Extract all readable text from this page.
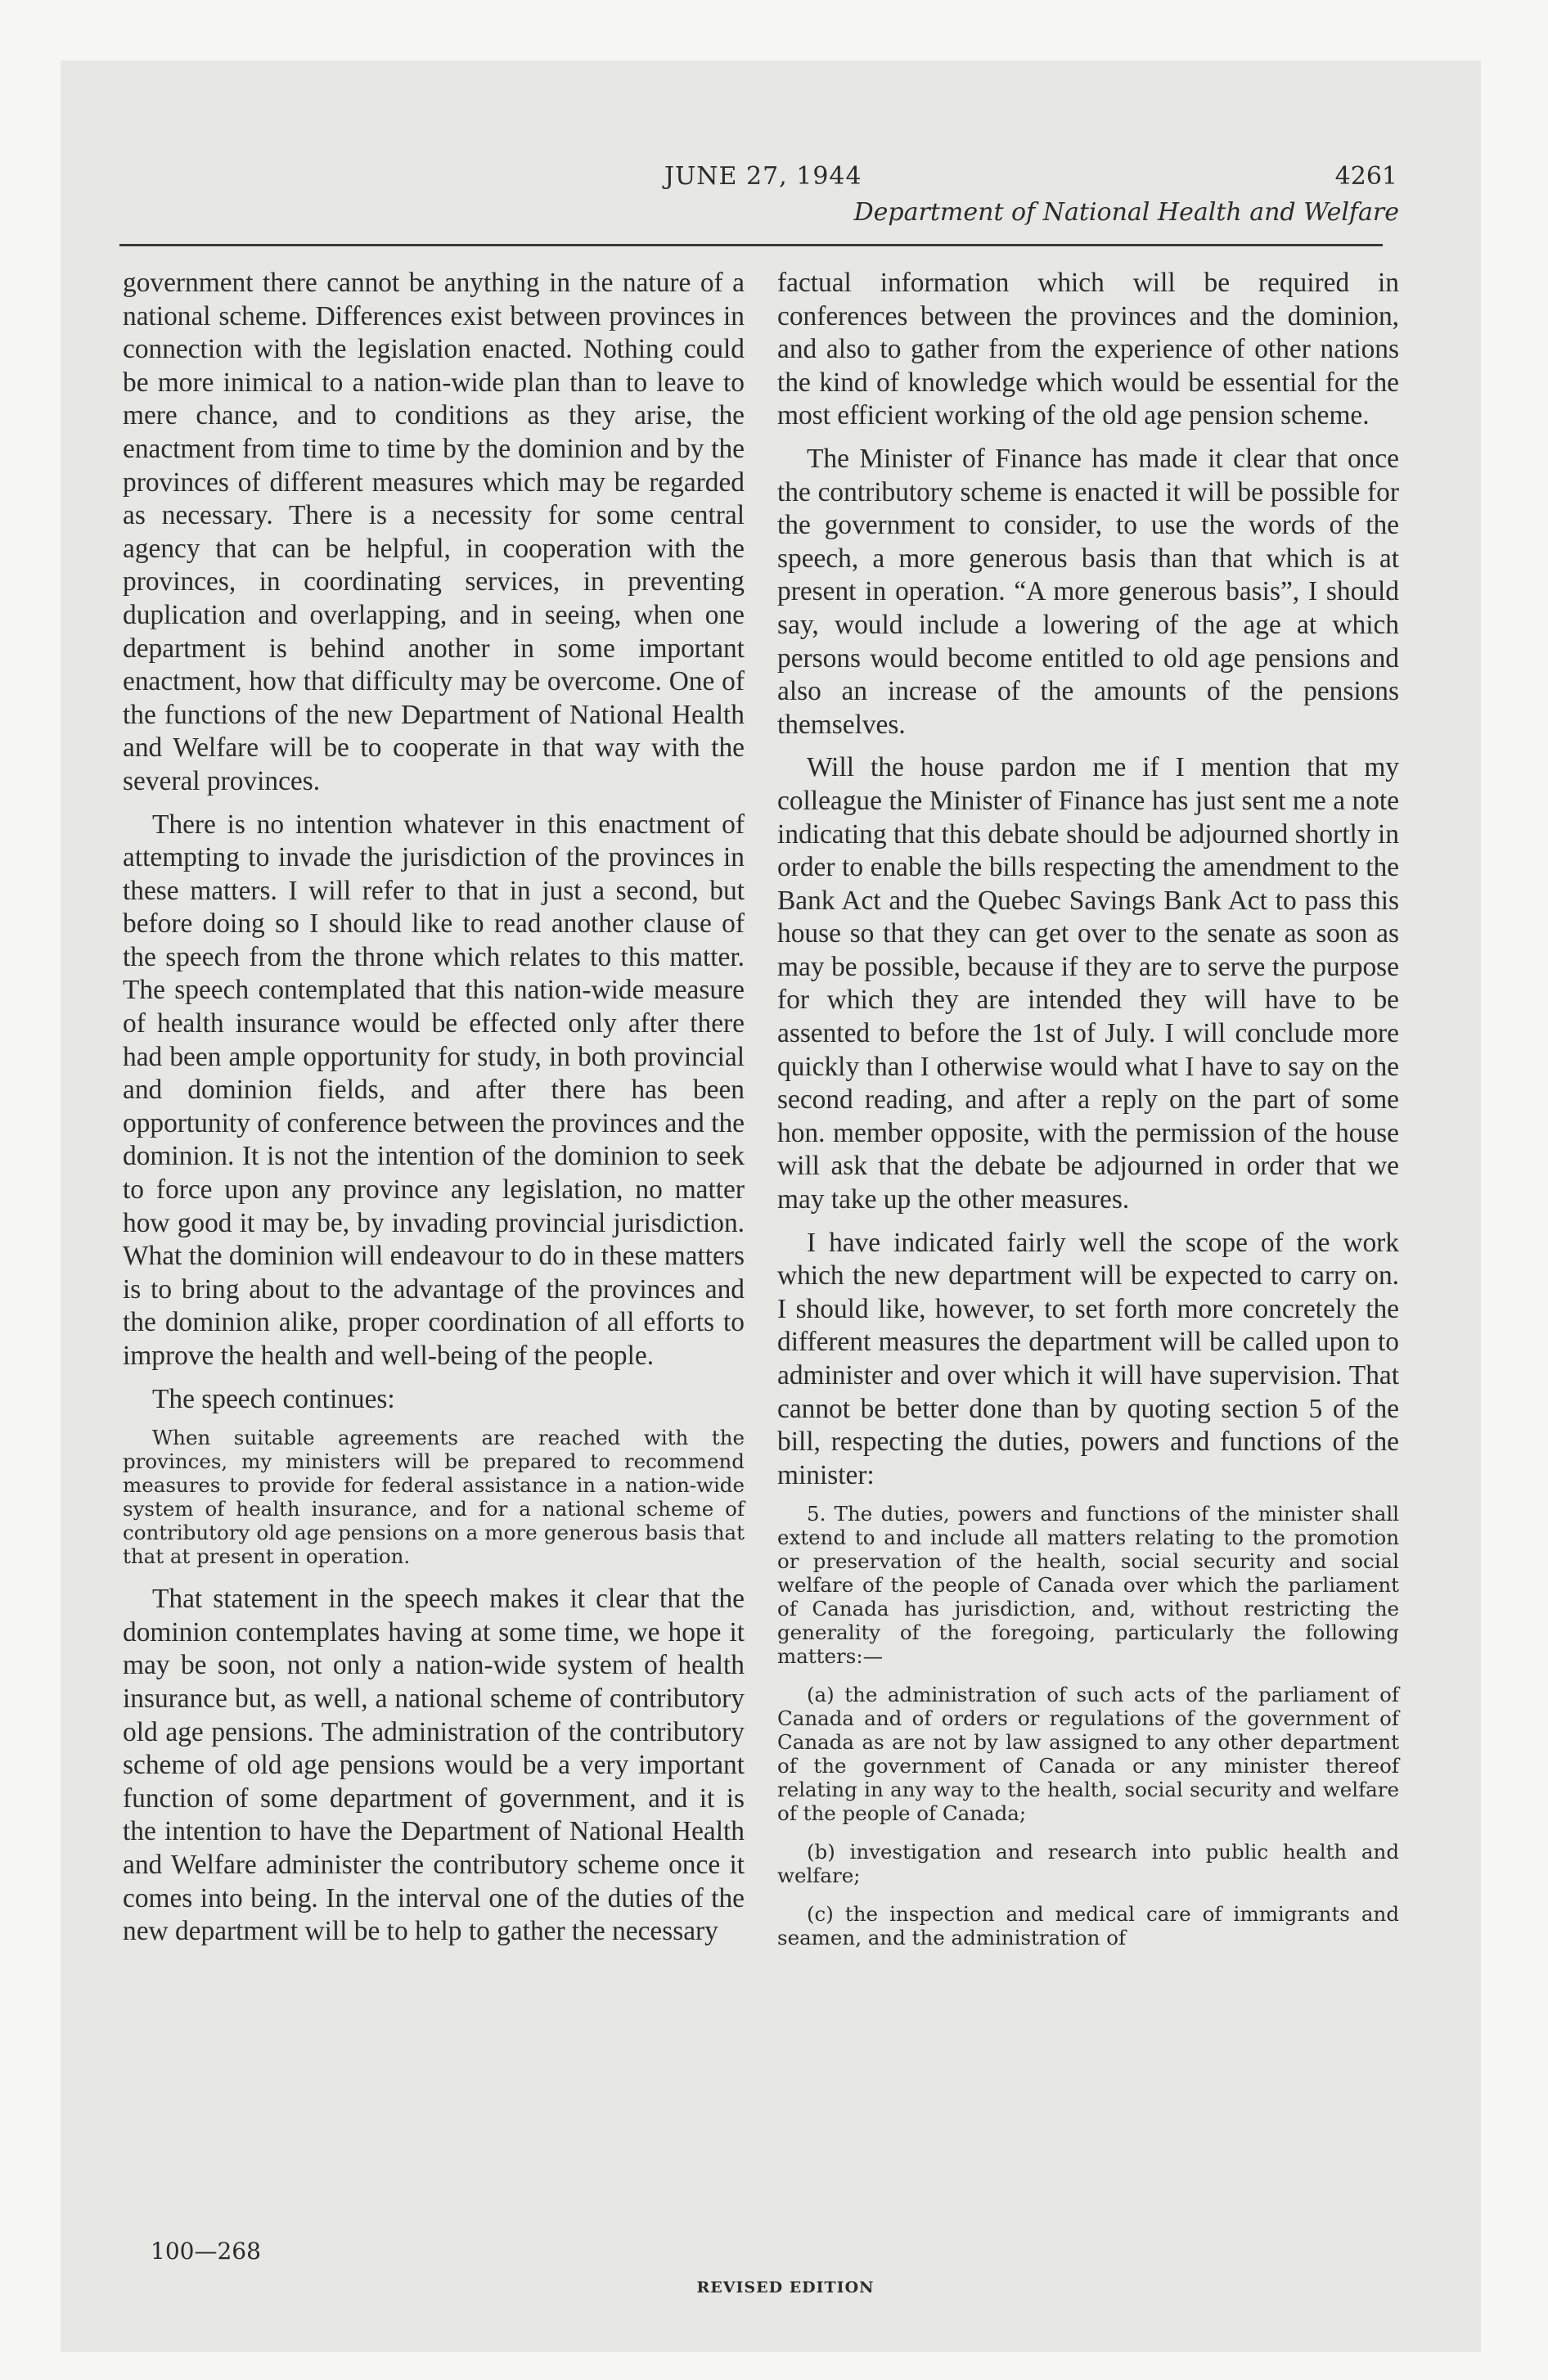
JUNE 27, 1944	4261
Department of National Health and Welfare

government there cannot be anything in the nature of a national scheme. Differences exist between provinces in connection with the legislation enacted. Nothing could be more inimical to a nation-wide plan than to leave to mere chance, and to conditions as they arise, the enactment from time to time by the dominion and by the provinces of different measures which may be regarded as necessary. There is a necessity for some central agency that can be helpful, in cooperation with the provinces, in coordinating services, in preventing duplication and overlapping, and in seeing, when one department is behind another in some important enactment, how that difficulty may be overcome. One of the functions of the new Department of National Health and Welfare will be to cooperate in that way with the several provinces.

There is no intention whatever in this enactment of attempting to invade the jurisdiction of the provinces in these matters. I will refer to that in just a second, but before doing so I should like to read another clause of the speech from the throne which relates to this matter. The speech contemplated that this nation-wide measure of health insurance would be effected only after there had been ample opportunity for study, in both provincial and dominion fields, and after there has been opportunity of conference between the provinces and the dominion. It is not the intention of the dominion to seek to force upon any province any legislation, no matter how good it may be, by invading provincial jurisdiction. What the dominion will endeavour to do in these matters is to bring about to the advantage of the provinces and the dominion alike, proper coordination of all efforts to improve the health and well-being of the people.

The speech continues:

When suitable agreements are reached with the provinces, my ministers will be prepared to recommend measures to provide for federal assistance in a nation-wide system of health insurance, and for a national scheme of contributory old age pensions on a more generous basis that that at present in operation.

That statement in the speech makes it clear that the dominion contemplates having at some time, we hope it may be soon, not only a nation-wide system of health insurance but, as well, a national scheme of contributory old age pensions. The administration of the contributory scheme of old age pensions would be a very important function of some department of government, and it is the intention to have the Department of National Health and Welfare administer the contributory scheme once it comes into being. In the interval one of the duties of the new department will be to help to gather the necessary

factual information which will be required in conferences between the provinces and the dominion, and also to gather from the experience of other nations the kind of knowledge which would be essential for the most efficient working of the old age pension scheme.

The Minister of Finance has made it clear that once the contributory scheme is enacted it will be possible for the government to consider, to use the words of the speech, a more generous basis than that which is at present in operation. “A more generous basis”, I should say, would include a lowering of the age at which persons would become entitled to old age pensions and also an increase of the amounts of the pensions themselves.

Will the house pardon me if I mention that my colleague the Minister of Finance has just sent me a note indicating that this debate should be adjourned shortly in order to enable the bills respecting the amendment to the Bank Act and the Quebec Savings Bank Act to pass this house so that they can get over to the senate as soon as may be possible, because if they are to serve the purpose for which they are intended they will have to be assented to before the 1st of July. I will conclude more quickly than I otherwise would what I have to say on the second reading, and after a reply on the part of some hon. member opposite, with the permission of the house will ask that the debate be adjourned in order that we may take up the other measures.

I have indicated fairly well the scope of the work which the new department will be expected to carry on. I should like, however, to set forth more concretely the different measures the department will be called upon to administer and over which it will have supervision. That cannot be better done than by quoting section 5 of the bill, respecting the duties, powers and functions of the minister:

5. The duties, powers and functions of the minister shall extend to and include all matters relating to the promotion or preservation of the health, social security and social welfare of the people of Canada over which the parliament of Canada has jurisdiction, and, without restricting the generality of the foregoing, particularly the following matters:—

(a) the administration of such acts of the parliament of Canada and of orders or regulations of the government of Canada as are not by law assigned to any other department of the government of Canada or any minister thereof relating in any way to the health, social security and welfare of the people of Canada;

(b) investigation and research into public health and welfare;

(c) the inspection and medical care of immigrants and seamen, and the administration of

100—268
REVISED EDITION
